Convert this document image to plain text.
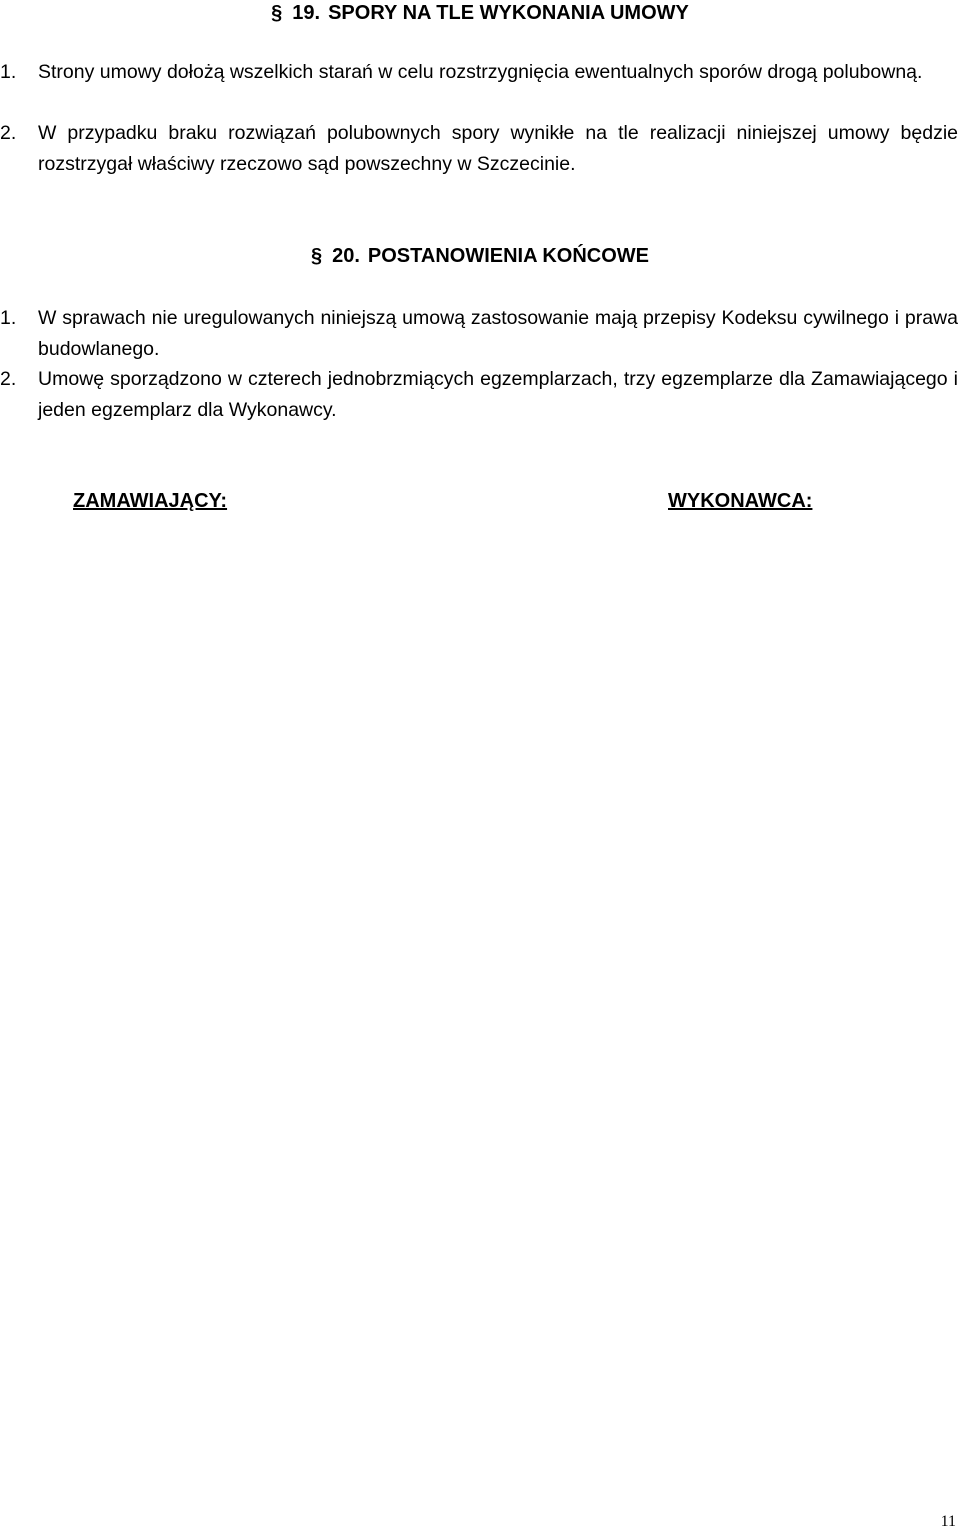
§ 19. SPORY NA TLE WYKONANIA UMOWY
1.	Strony umowy dołożą wszelkich starań w celu rozstrzygnięcia ewentualnych sporów drogą polubowną.
2.	W przypadku braku rozwiązań polubownych spory wynikłe na tle realizacji niniejszej umowy będzie rozstrzygał właściwy rzeczowo sąd powszechny w Szczecinie.
§ 20. POSTANOWIENIA KOŃCOWE
1.	W sprawach nie uregulowanych niniejszą umową zastosowanie mają przepisy Kodeksu cywilnego i prawa budowlanego.
2.	Umowę sporządzono w czterech jednobrzmiących egzemplarzach, trzy egzemplarze dla Zamawiającego i jeden egzemplarz dla Wykonawcy.
ZAMAWIAJĄCY:	WYKONAWCA:
11
